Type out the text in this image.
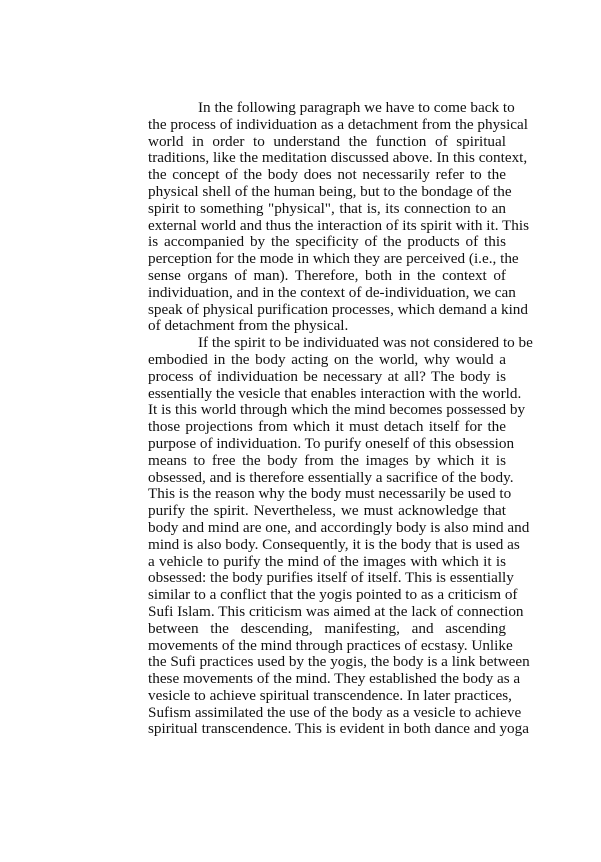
In the following paragraph we have to come back to
the process of individuation as a detachment from the physical
world in order to understand the function of spiritual
traditions, like the meditation discussed above. In this context,
the concept of the body does not necessarily refer to the
physical shell of the human being, but to the bondage of the
spirit to something "physical", that is, its connection to an
external world and thus the interaction of its spirit with it. This
is accompanied by the specificity of the products of this
perception for the mode in which they are perceived (i.e., the
sense organs of man). Therefore, both in the context of
individuation, and in the context of de-individuation, we can
speak of physical purification processes, which demand a kind
of detachment from the physical.
If the spirit to be individuated was not considered to be
embodied in the body acting on the world, why would a
process of individuation be necessary at all? The body is
essentially the vesicle that enables interaction with the world.
It is this world through which the mind becomes possessed by
those projections from which it must detach itself for the
purpose of individuation. To purify oneself of this obsession
means to free the body from the images by which it is
obsessed, and is therefore essentially a sacrifice of the body.
This is the reason why the body must necessarily be used to
purify the spirit. Nevertheless, we must acknowledge that
body and mind are one, and accordingly body is also mind and
mind is also body. Consequently, it is the body that is used as
a vehicle to purify the mind of the images with which it is
obsessed: the body purifies itself of itself. This is essentially
similar to a conflict that the yogis pointed to as a criticism of
Sufi Islam. This criticism was aimed at the lack of connection
between the descending, manifesting, and ascending
movements of the mind through practices of ecstasy. Unlike
the Sufi practices used by the yogis, the body is a link between
these movements of the mind. They established the body as a
vesicle to achieve spiritual transcendence. In later practices,
Sufism assimilated the use of the body as a vesicle to achieve
spiritual transcendence. This is evident in both dance and yoga
